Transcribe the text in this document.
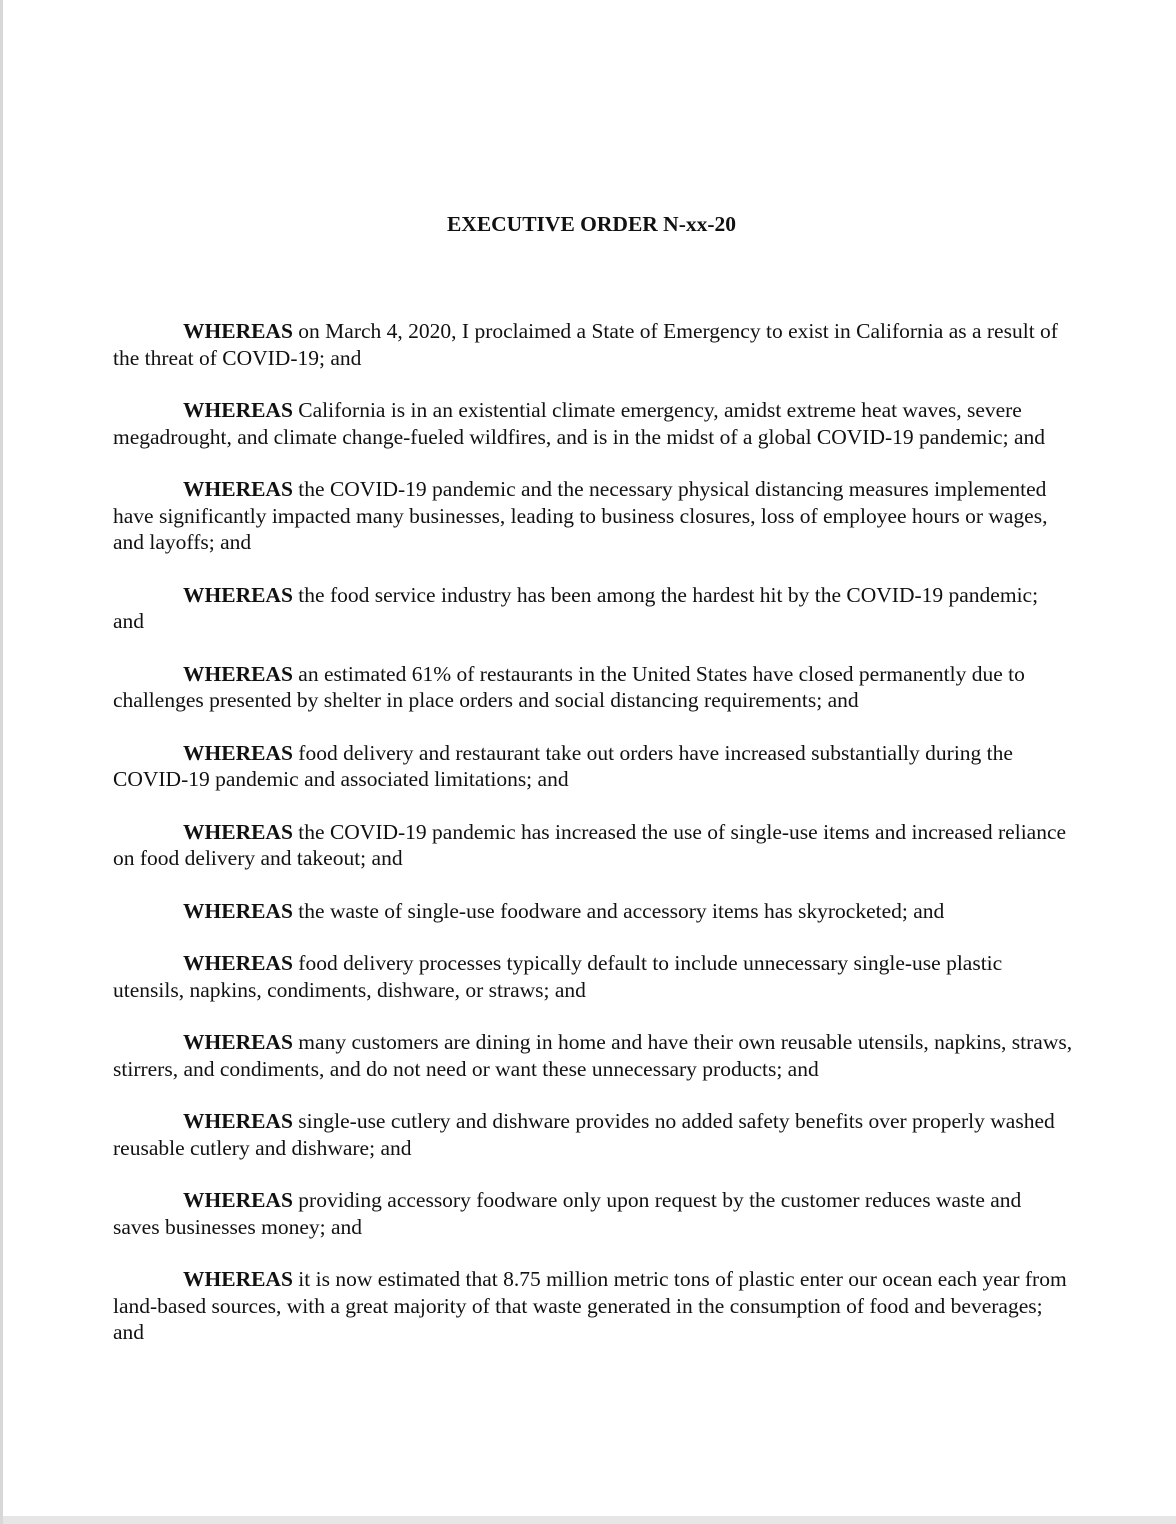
EXECUTIVE ORDER N-xx-20

WHEREAS on March 4, 2020, I proclaimed a State of Emergency to exist in California as a result of the threat of COVID-19; and

WHEREAS California is in an existential climate emergency, amidst extreme heat waves, severe megadrought, and climate change-fueled wildfires, and is in the midst of a global COVID-19 pandemic; and

WHEREAS the COVID-19 pandemic and the necessary physical distancing measures implemented have significantly impacted many businesses, leading to business closures, loss of employee hours or wages, and layoffs; and

WHEREAS the food service industry has been among the hardest hit by the COVID-19 pandemic; and

WHEREAS an estimated 61% of restaurants in the United States have closed permanently due to challenges presented by shelter in place orders and social distancing requirements; and

WHEREAS food delivery and restaurant take out orders have increased substantially during the COVID-19 pandemic and associated limitations; and

WHEREAS the COVID-19 pandemic has increased the use of single-use items and increased reliance on food delivery and takeout; and

WHEREAS the waste of single-use foodware and accessory items has skyrocketed; and

WHEREAS food delivery processes typically default to include unnecessary single-use plastic utensils, napkins, condiments, dishware, or straws; and

WHEREAS many customers are dining in home and have their own reusable utensils, napkins, straws, stirrers, and condiments, and do not need or want these unnecessary products; and

WHEREAS single-use cutlery and dishware provides no added safety benefits over properly washed reusable cutlery and dishware; and

WHEREAS providing accessory foodware only upon request by the customer reduces waste and saves businesses money; and

WHEREAS it is now estimated that 8.75 million metric tons of plastic enter our ocean each year from land-based sources, with a great majority of that waste generated in the consumption of food and beverages; and
